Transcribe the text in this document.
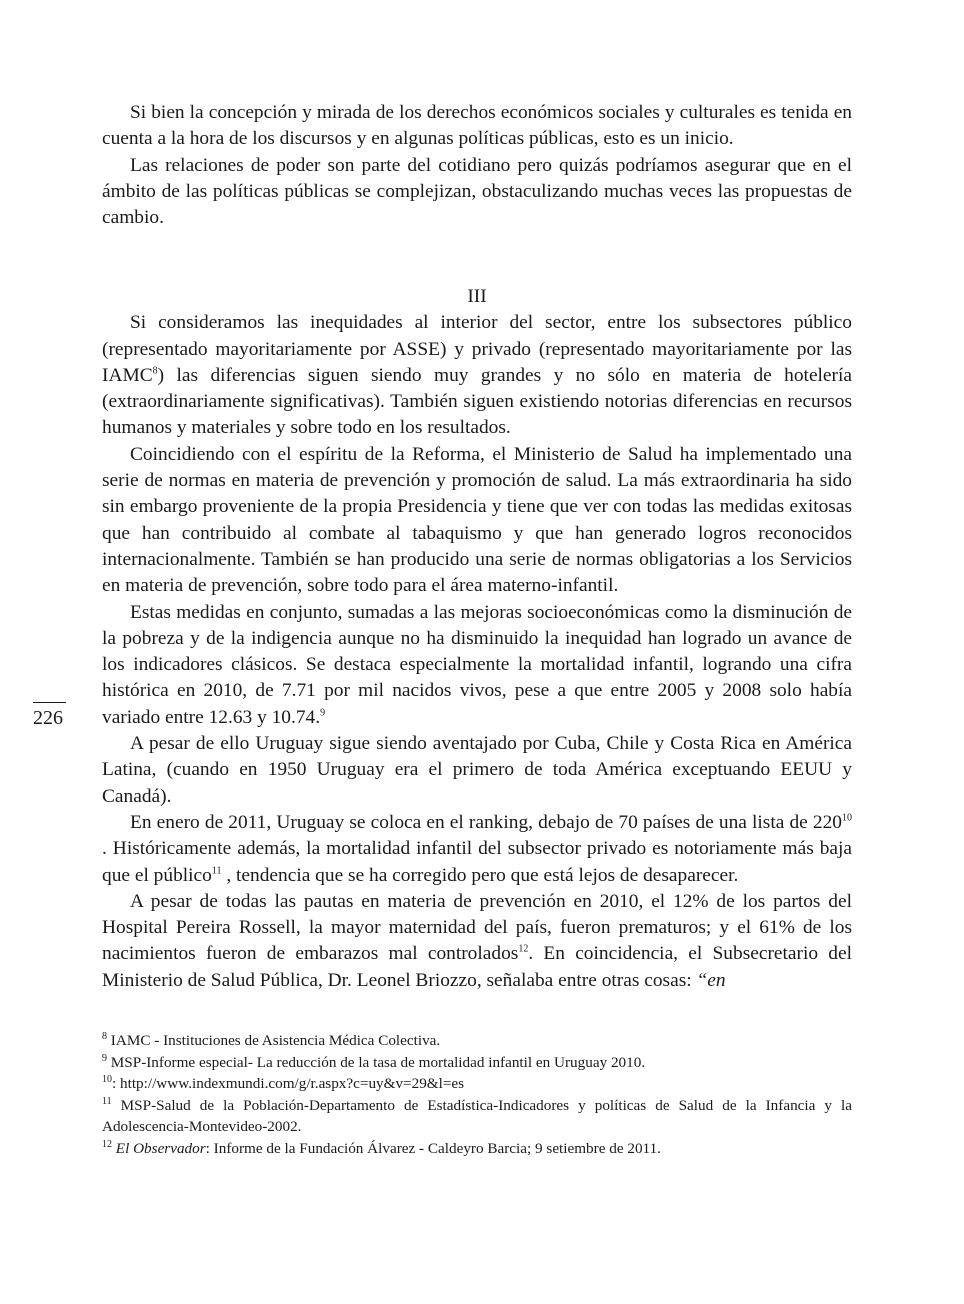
Si bien la concepción y mirada de los derechos económicos sociales y culturales es tenida en cuenta a la hora de los discursos y en algunas políticas públicas, esto es un inicio.

Las relaciones de poder son parte del cotidiano pero quizás podríamos asegurar que en el ámbito de las políticas públicas se complejizan, obstaculizando muchas veces las propuestas de cambio.

III

Si consideramos las inequidades al interior del sector, entre los subsectores público (representado mayoritariamente por ASSE) y privado (representado mayoritariamente por las IAMC$^8$) las diferencias siguen siendo muy grandes y no sólo en materia de hotelería (extraordinariamente significativas). También siguen existiendo notorias diferencias en recursos humanos y materiales y sobre todo en los resultados.

Coincidiendo con el espíritu de la Reforma, el Ministerio de Salud ha implementado una serie de normas en materia de prevención y promoción de salud. La más extraordinaria ha sido sin embargo proveniente de la propia Presidencia y tiene que ver con todas las medidas exitosas que han contribuido al combate al tabaquismo y que han generado logros reconocidos internacionalmente. También se han producido una serie de normas obligatorias a los Servicios en materia de prevención, sobre todo para el área materno-infantil.

Estas medidas en conjunto, sumadas a las mejoras socioeconómicas como la disminución de la pobreza y de la indigencia aunque no ha disminuido la inequidad han logrado un avance de los indicadores clásicos. Se destaca especialmente la mortalidad infantil, logrando una cifra histórica en 2010, de 7.71 por mil nacidos vivos, pese a que entre 2005 y 2008 solo había variado entre 12.63 y 10.74.$^9$

A pesar de ello Uruguay sigue siendo aventajado por Cuba, Chile y Costa Rica en América Latina, (cuando en 1950 Uruguay era el primero de toda América exceptuando EEUU y Canadá).

En enero de 2011, Uruguay se coloca en el ranking, debajo de 70 países de una lista de $220^{10}$ . Históricamente además, la mortalidad infantil del subsector privado es notoriamente más baja que el público$^{11}$ , tendencia que se ha corregido pero que está lejos de desaparecer.

A pesar de todas las pautas en materia de prevención en 2010, el 12% de los partos del Hospital Pereira Rossell, la mayor maternidad del país, fueron prematuros; y el 61% de los nacimientos fueron de embarazos mal controlados$^{12}$. En coincidencia, el Subsecretario del Ministerio de Salud Pública, Dr. Leonel Briozzo, señalaba entre otras cosas: “en

226

$^8$ IAMC - Instituciones de Asistencia Médica Colectiva.

$^9$ MSP-Informe especial- La reducción de la tasa de mortalidad infantil en Uruguay 2010.

$^{10}$: http://www.indexmundi.com/g/r.aspx?c=uy&v=29&l=es

$^{11}$ MSP-Salud de la Población-Departamento de Estadística-Indicadores y políticas de Salud de la Infancia y la Adolescencia-Montevideo-2002.

$^{12}$ El Observador: Informe de la Fundación Álvarez - Caldeyro Barcia; 9 setiembre de 2011.
